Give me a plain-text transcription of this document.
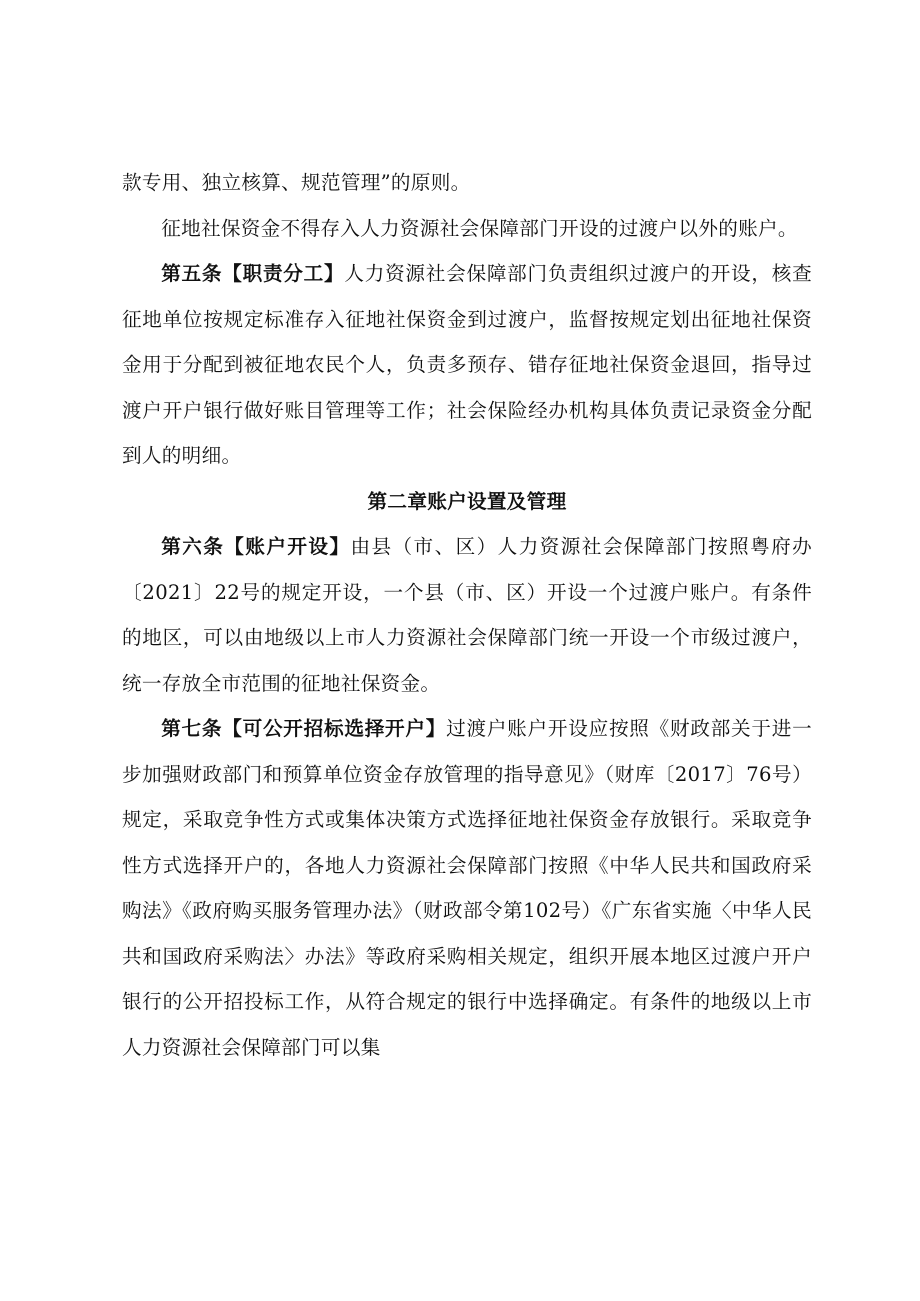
款专用、独立核算、规范管理”的原则。

征地社保资金不得存入人力资源社会保障部门开设的过渡户以外的账户。

第五条【职责分工】人力资源社会保障部门负责组织过渡户的开设，核查征地单位按规定标准存入征地社保资金到过渡户，监督按规定划出征地社保资金用于分配到被征地农民个人，负责多预存、错存征地社保资金退回，指导过渡户开户银行做好账目管理等工作；社会保险经办机构具体负责记录资金分配到人的明细。

第二章账户设置及管理

第六条【账户开设】由县（市、区）人力资源社会保障部门按照粤府办〔2021〕22号的规定开设，一个县（市、区）开设一个过渡户账户。有条件的地区，可以由地级以上市人力资源社会保障部门统一开设一个市级过渡户，统一存放全市范围的征地社保资金。

第七条【可公开招标选择开户】过渡户账户开设应按照《财政部关于进一步加强财政部门和预算单位资金存放管理的指导意见》（财库〔2017〕76号）规定，采取竞争性方式或集体决策方式选择征地社保资金存放银行。采取竞争性方式选择开户的，各地人力资源社会保障部门按照《中华人民共和国政府采购法》《政府购买服务管理办法》（财政部令第102号）《广东省实施〈中华人民共和国政府采购法〉办法》等政府采购相关规定，组织开展本地区过渡户开户银行的公开招投标工作，从符合规定的银行中选择确定。有条件的地级以上市人力资源社会保障部门可以集
